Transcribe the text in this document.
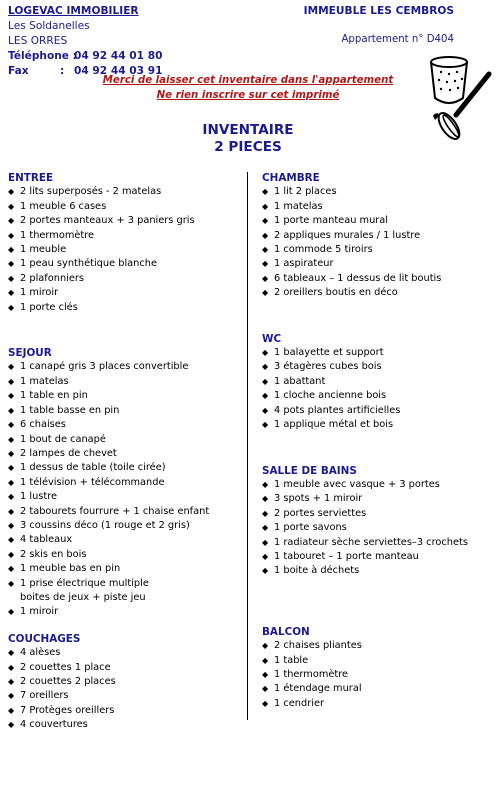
LOGEVAC IMMOBILIER
Les Soldanelles
LES ORRES
Téléphone :04 92 44 01 80
Fax	: 04 92 44 03 91
IMMEUBLE LES CEMBROS
Appartement n° D404
Merci de laisser cet inventaire dans l'appartement
Ne rien inscrire sur cet imprimé
INVENTAIRE
2 PIECES
ENTREE
◆ 2 lits superposés - 2 matelas
◆ 1 meuble 6 cases
◆ 2 portes manteaux + 3 paniers gris
◆ 1 thermomètre
◆ 1 meuble
◆ 1 peau synthétique blanche
◆ 2 plafonniers
◆ 1 miroir
◆ 1 porte clés
SEJOUR
◆ 1 canapé gris 3 places convertible
◆ 1 matelas
◆ 1 table en pin
◆ 1 table basse en pin
◆ 6 chaises
◆ 1 bout de canapé
◆ 2 lampes de chevet
◆ 1 dessus de table (toile cirée)
◆ 1 télévision + télécommande
◆ 1 lustre
◆ 2 tabourets fourrure + 1 chaise enfant
◆ 3 coussins déco (1 rouge et 2 gris)
◆ 4 tableaux
◆ 2 skis en bois
◆ 1 meuble bas en pin
◆ 1 prise électrique multiple
boites de jeux + piste jeu
◆ 1 miroir
COUCHAGES
◆ 4 alèses
◆ 2 couettes 1 place
◆ 2 couettes 2 places
◆ 7 oreillers
◆ 7 Protèges oreillers
◆ 4 couvertures
CHAMBRE
◆ 1 lit 2 places
◆ 1 matelas
◆ 1 porte manteau mural
◆ 2 appliques murales / 1 lustre
◆ 1 commode 5 tiroirs
◆ 1 aspirateur
◆ 6 tableaux – 1 dessus de lit boutis
◆ 2 oreillers boutis en déco
WC
◆ 1 balayette et support
◆ 3 étagères cubes bois
◆ 1 abattant
◆ 1 cloche ancienne bois
◆ 4 pots plantes artificielles
◆ 1 applique métal et bois
SALLE DE BAINS
◆ 1 meuble avec vasque + 3 portes
◆ 3 spots + 1 miroir
◆ 2 portes serviettes
◆ 1 porte savons
◆ 1 radiateur sèche serviettes–3 crochets
◆ 1 tabouret – 1 porte manteau
◆ 1 boite à déchets
BALCON
◆ 2 chaises pliantes
◆ 1 table
◆ 1 thermomètre
◆ 1 étendage mural
◆ 1 cendrier
